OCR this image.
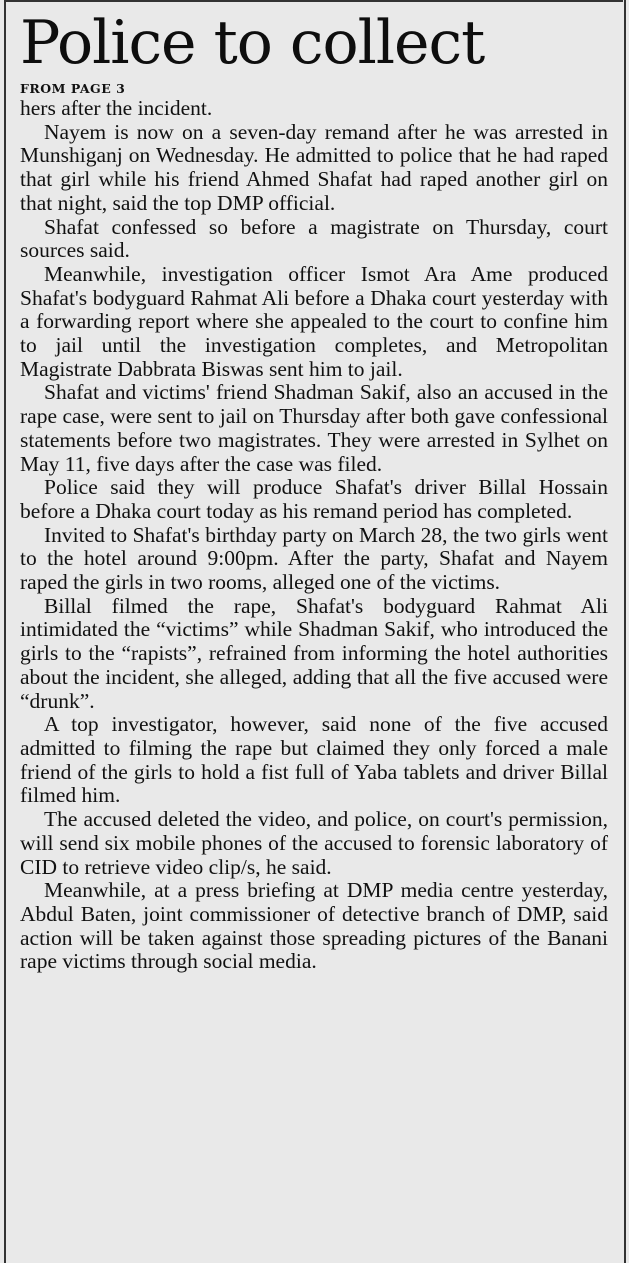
Police to collect
FROM PAGE 3

hers after the incident.

Nayem is now on a seven-day remand after he was arrested in Munshiganj on Wednesday. He admitted to police that he had raped that girl while his friend Ahmed Shafat had raped another girl on that night, said the top DMP official.

Shafat confessed so before a magistrate on Thursday, court sources said.

Meanwhile, investigation officer Ismot Ara Ame produced Shafat's bodyguard Rahmat Ali before a Dhaka court yesterday with a forwarding report where she appealed to the court to confine him to jail until the investigation completes, and Metropolitan Magistrate Dabbrata Biswas sent him to jail.

Shafat and victims' friend Shadman Sakif, also an accused in the rape case, were sent to jail on Thursday after both gave confessional statements before two magistrates. They were arrested in Sylhet on May 11, five days after the case was filed.

Police said they will produce Shafat's driver Billal Hossain before a Dhaka court today as his remand period has completed.

Invited to Shafat's birthday party on March 28, the two girls went to the hotel around 9:00pm. After the party, Shafat and Nayem raped the girls in two rooms, alleged one of the victims.

Billal filmed the rape, Shafat's bodyguard Rahmat Ali intimidated the “victims” while Shadman Sakif, who introduced the girls to the “rapists”, refrained from informing the hotel authorities about the incident, she alleged, adding that all the five accused were “drunk”.

A top investigator, however, said none of the five accused admitted to filming the rape but claimed they only forced a male friend of the girls to hold a fist full of Yaba tablets and driver Billal filmed him.

The accused deleted the video, and police, on court's permission, will send six mobile phones of the accused to forensic laboratory of CID to retrieve video clip/s, he said.

Meanwhile, at a press briefing at DMP media centre yesterday, Abdul Baten, joint commissioner of detective branch of DMP, said action will be taken against those spreading pictures of the Banani rape victims through social media.
